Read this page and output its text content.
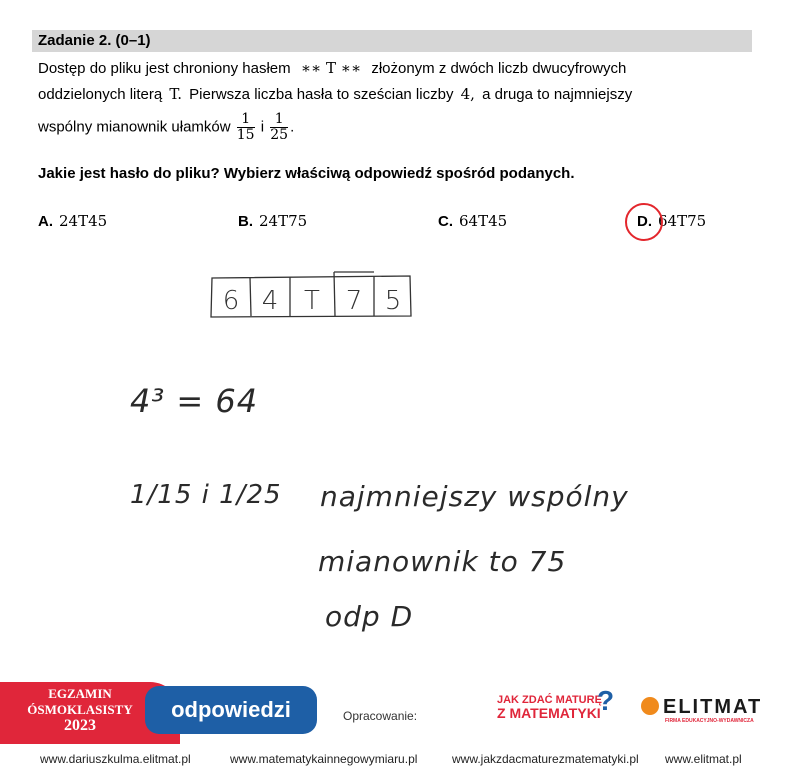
Zadanie 2. (0–1)
Dostęp do pliku jest chroniony hasłem ∗∗ T ∗∗ złożonym z dwóch liczb dwucyfrowych
oddzielonych literą T. Pierwsza liczba hasła to sześcian liczby 4, a druga to najmniejszy
wspólny mianownik ułamków $\frac{1}{15}$ i $\frac{1}{25}$ .
Jakie jest hasło do pliku? Wybierz właściwą odpowiedź spośród podanych.
A. 24T45	B. 24T75	C. 64T45	D. 64T75
6 4 T 7 5
4³ = 64
1/15 i 1/25 najmniejszy wspólny
mianownik to 75
odp D
EGZAMIN
ÓSMOKLASISTY
2023
odpowiedzi	Opracowanie:
JAK ZDAĆ MATURĘ
Z MATEMATYKI
?	ELITMAT
FIRMA EDUKACYJNO-WYDAWNICZA
www.dariuszkulma.elitmat.pl	www.matematykainnegowymiaru.pl	www.jakzdacmaturezmatematyki.pl www.elitmat.pl
